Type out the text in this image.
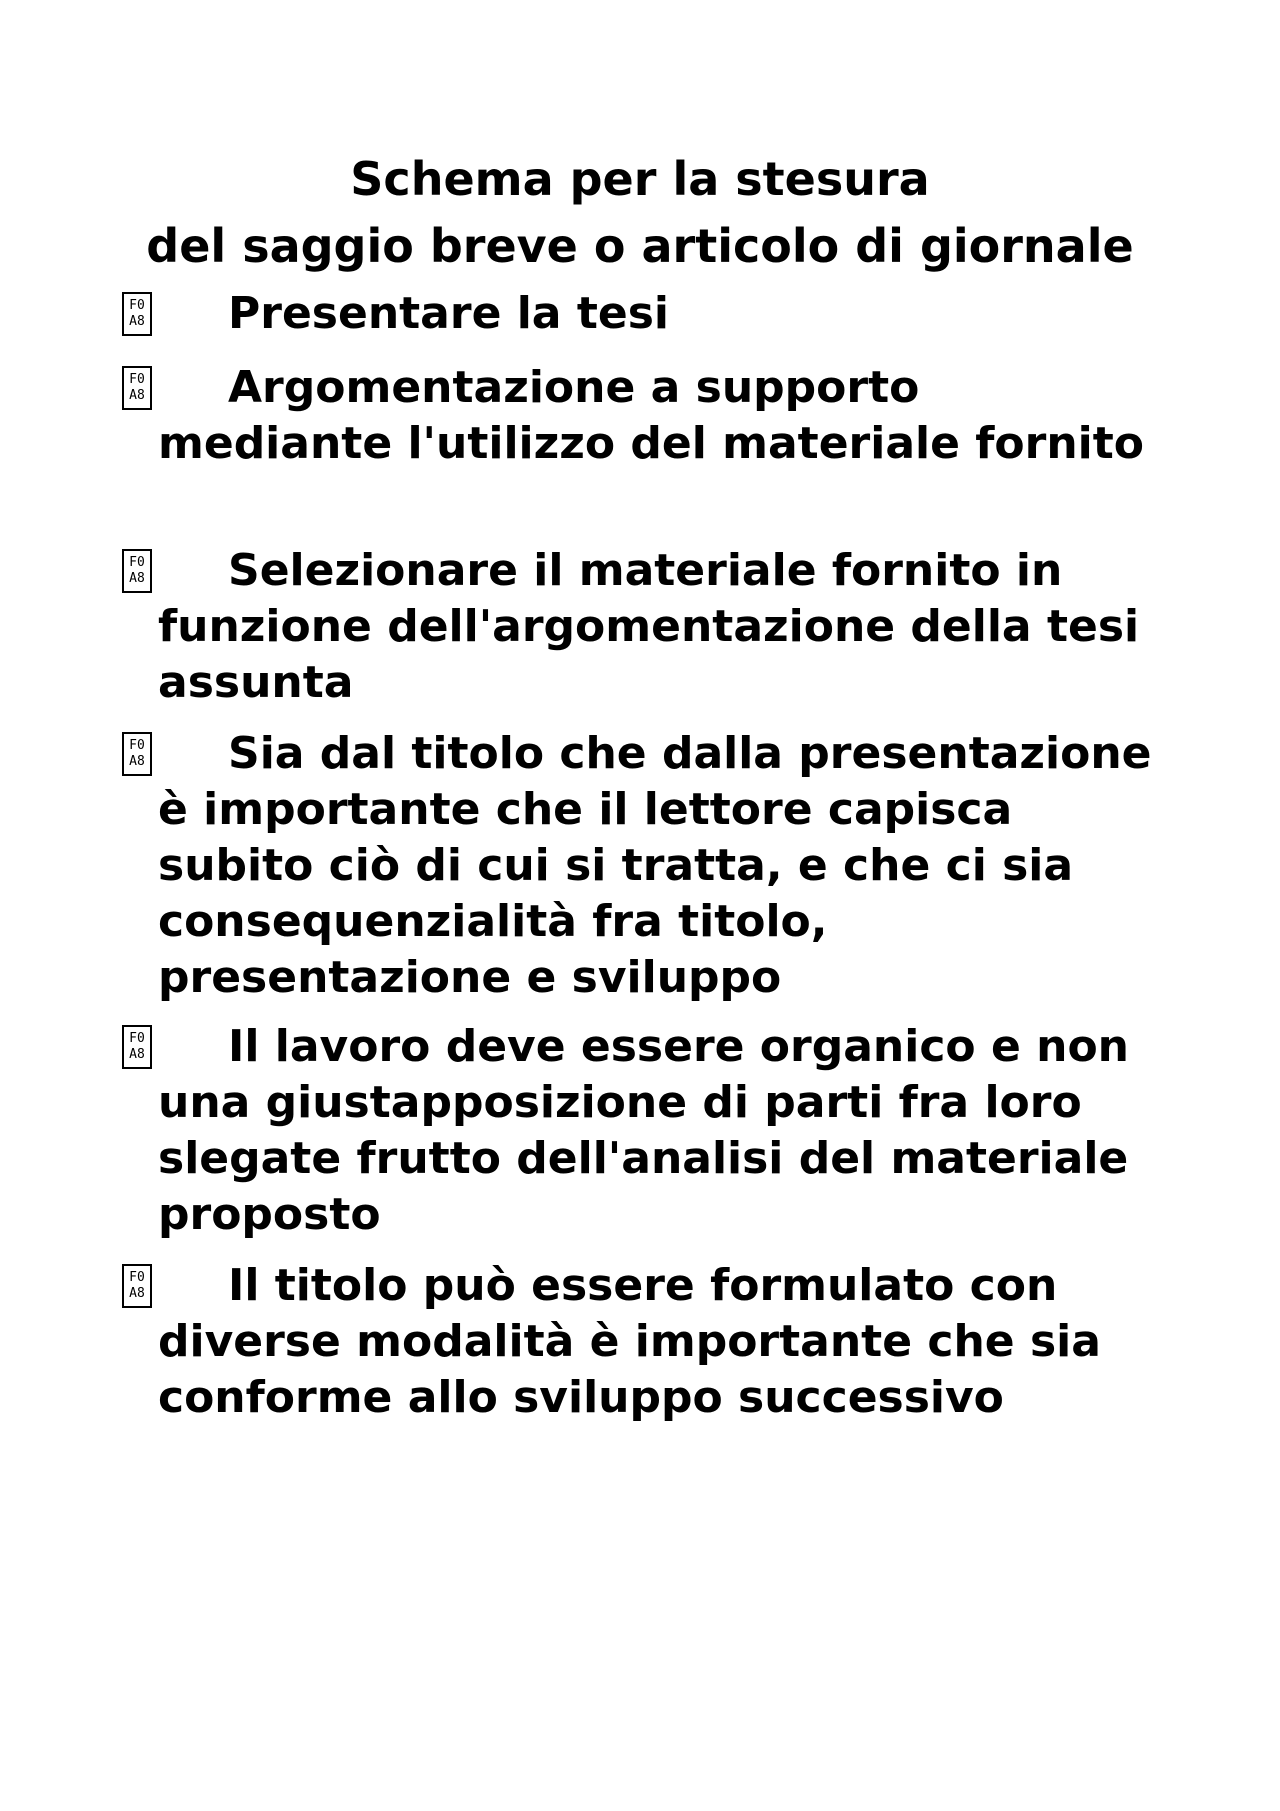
Schema per la stesura
del saggio breve o articolo di giornale
F0
A8	Presentare la tesi

F0
A8	Argomentazione a supporto mediante l'utilizzo del materiale fornito

F0
A8	Selezionare il materiale fornito in funzione dell'argomentazione della tesi assunta

F0
A8	Sia dal titolo che dalla presentazione è importante che il lettore capisca subito ciò di cui si tratta, e che ci sia consequenzialità fra titolo, presentazione e sviluppo

F0
A8	Il lavoro deve essere organico e non una giustapposizione di parti fra loro slegate frutto dell'analisi del materiale proposto

F0
A8	Il titolo può essere formulato con diverse modalità è importante che sia conforme allo sviluppo successivo
